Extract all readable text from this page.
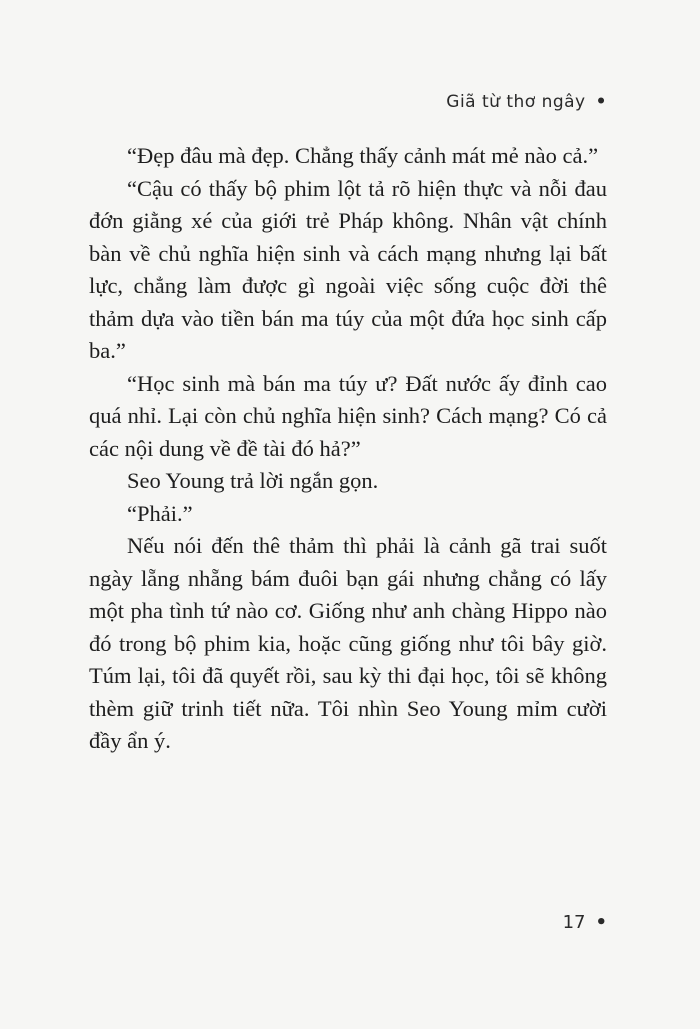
Giã từ thơ ngây •

“Đẹp đâu mà đẹp. Chẳng thấy cảnh mát mẻ nào cả.”

“Cậu có thấy bộ phim lột tả rõ hiện thực và nỗi đau đớn giằng xé của giới trẻ Pháp không. Nhân vật chính bàn về chủ nghĩa hiện sinh và cách mạng nhưng lại bất lực, chẳng làm được gì ngoài việc sống cuộc đời thê thảm dựa vào tiền bán ma túy của một đứa học sinh cấp ba.”

“Học sinh mà bán ma túy ư? Đất nước ấy đỉnh cao quá nhỉ. Lại còn chủ nghĩa hiện sinh? Cách mạng? Có cả các nội dung về đề tài đó hả?”

Seo Young trả lời ngắn gọn.

“Phải.”

Nếu nói đến thê thảm thì phải là cảnh gã trai suốt ngày lẵng nhẵng bám đuôi bạn gái nhưng chẳng có lấy một pha tình tứ nào cơ. Giống như anh chàng Hippo nào đó trong bộ phim kia, hoặc cũng giống như tôi bây giờ. Túm lại, tôi đã quyết rồi, sau kỳ thi đại học, tôi sẽ không thèm giữ trinh tiết nữa. Tôi nhìn Seo Young mỉm cười đầy ẩn ý.

17 •
